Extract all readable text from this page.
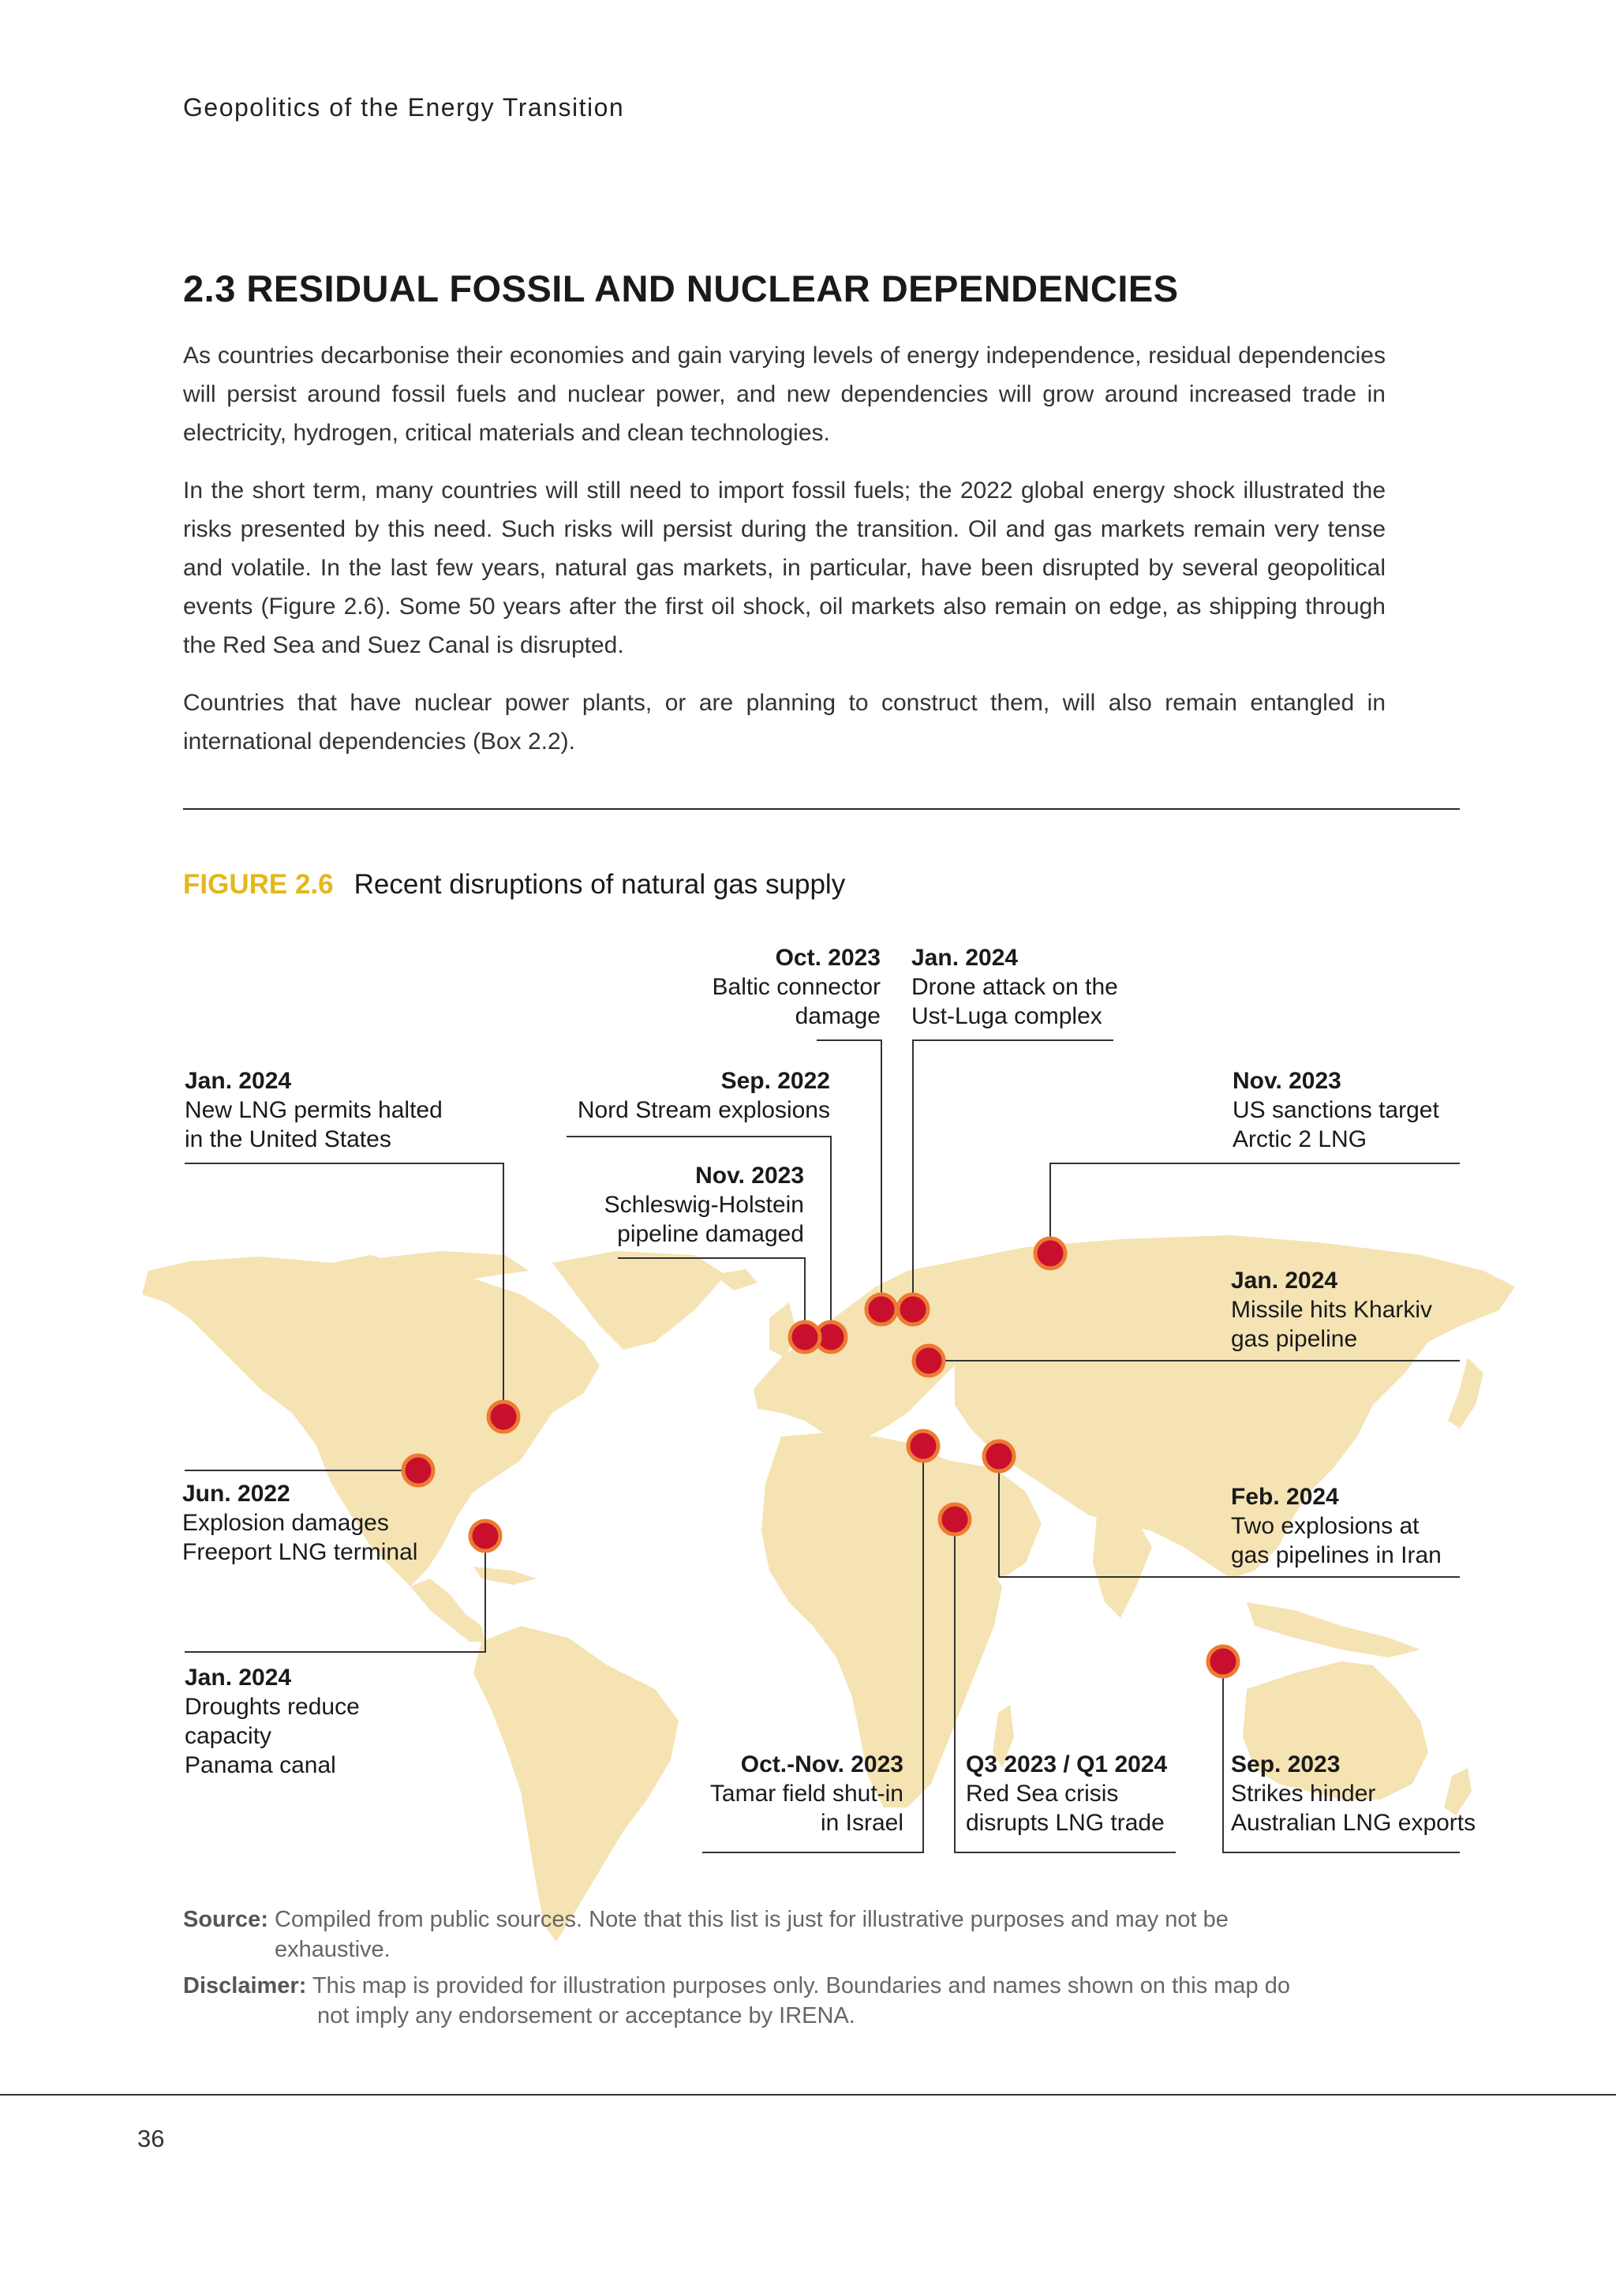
Geopolitics of the Energy Transition
2.3 RESIDUAL FOSSIL AND NUCLEAR DEPENDENCIES

As countries decarbonise their economies and gain varying levels of energy independence, residual dependencies will persist around fossil fuels and nuclear power, and new dependencies will grow around increased trade in electricity, hydrogen, critical materials and clean technologies.

In the short term, many countries will still need to import fossil fuels; the 2022 global energy shock illustrated the risks presented by this need. Such risks will persist during the transition. Oil and gas markets remain very tense and volatile. In the last few years, natural gas markets, in particular, have been disrupted by several geopolitical events (Figure 2.6). Some 50 years after the first oil shock, oil markets also remain on edge, as shipping through the Red Sea and Suez Canal is disrupted.

Countries that have nuclear power plants, or are planning to construct them, will also remain entangled in international dependencies (Box 2.2).

FIGURE 2.6 Recent disruptions of natural gas supply
Oct. 2023
Baltic connector
damage
Jan. 2024
Drone attack on the
Ust-Luga complex
Jan. 2024
New LNG permits halted
in the United States
Sep. 2022
Nord Stream explosions
Nov. 2023
US sanctions target
Arctic 2 LNG
Nov. 2023
Schleswig-Holstein
pipeline damaged
Jan. 2024
Missile hits Kharkiv
gas pipeline
Jun. 2022
Explosion damages
Freeport LNG terminal
Feb. 2024
Two explosions at
gas pipelines in Iran
Jan. 2024
Droughts reduce
capacity
Panama canal	Oct.-Nov. 2023
Tamar field shut-in
in Israel
Q3 2023 / Q1 2024
Red Sea crisis
disrupts LNG trade
Sep. 2023
Strikes hinder
Australian LNG exports
Source: Compiled from public sources. Note that this list is just for illustrative purposes and may not be
exhaustive.
Disclaimer: This map is provided for illustration purposes only. Boundaries and names shown on this map do
not imply any endorsement or acceptance by IRENA.
36
